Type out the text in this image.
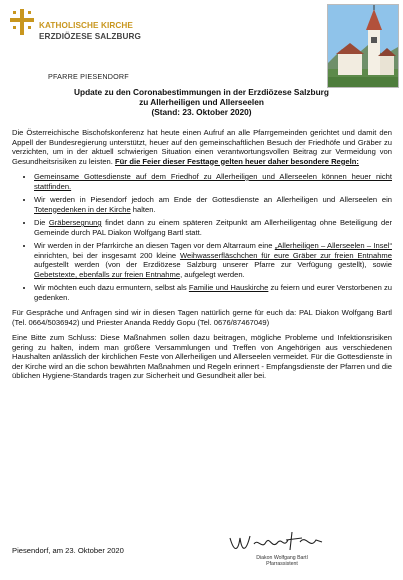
KATHOLISCHE KIRCHE
ERZDIÖZESE SALZBURG
PFARRE PIESENDORF
Update zu den Coronabestimmungen in der Erzdiözese Salzburg
zu Allerheiligen und Allerseelen
(Stand: 23. Oktober 2020)

Die Österreichische Bischofskonferenz hat heute einen Aufruf an alle Pfarrgemeinden gerichtet und damit den Appell der Bundesregierung unterstützt, heuer auf den gemeinschaftlichen Besuch der Friedhöfe und Gräber zu verzichten, um in der aktuell schwierigen Situation einen verantwortungsvollen Beitrag zur Vermeidung von Gesundheitsrisiken zu leisten. Für die Feier dieser Festtage gelten heuer daher besondere Regeln:

• Gemeinsame Gottesdienste auf dem Friedhof zu Allerheiligen und Allerseelen können heuer nicht stattfinden.
• Wir werden in Piesendorf jedoch am Ende der Gottesdienste an Allerheiligen und Allerseelen ein Totengedenken in der Kirche halten.
• Die Gräbersegnung findet dann zu einem späteren Zeitpunkt am Allerheiligentag ohne Beteiligung der Gemeinde durch PAL Diakon Wolfgang Bartl statt.
• Wir werden in der Pfarrkirche an diesen Tagen vor dem Altarraum eine „Allerheiligen – Allerseelen – Insel“ einrichten, bei der insgesamt 200 kleine Weihwasserfläschchen für eure Gräber zur freien Entnahme aufgestellt werden (von der Erzdiözese Salzburg unserer Pfarre zur Verfügung gestellt), sowie Gebetstexte, ebenfalls zur freien Entnahme, aufgelegt werden.
• Wir möchten euch dazu ermuntern, selbst als Familie und Hauskirche zu feiern und eurer Verstorbenen zu gedenken.

Für Gespräche und Anfragen sind wir in diesen Tagen natürlich gerne für euch da: PAL Diakon Wolfgang Bartl (Tel. 0664/5036942) und Priester Ananda Reddy Gopu (Tel. 0676/87467049)

Eine Bitte zum Schluss: Diese Maßnahmen sollen dazu beitragen, mögliche Probleme und Infektionsrisiken gering zu halten, indem man größere Versammlungen und Treffen von Angehörigen aus verschiedenen Haushalten anlässlich der kirchlichen Feste von Allerheiligen und Allerseelen vermeidet. Für die Gottesdienste in der Kirche wird an die schon bewährten Maßnahmen und Regeln erinnert - Empfangsdienste der Pfarren und die üblichen Hygiene-Standards tragen zur Sicherheit und Gesundheit aller bei.

Piesendorf, am 23. Oktober 2020
Diakon Wolfgang Bartl
Pfarrassistent
